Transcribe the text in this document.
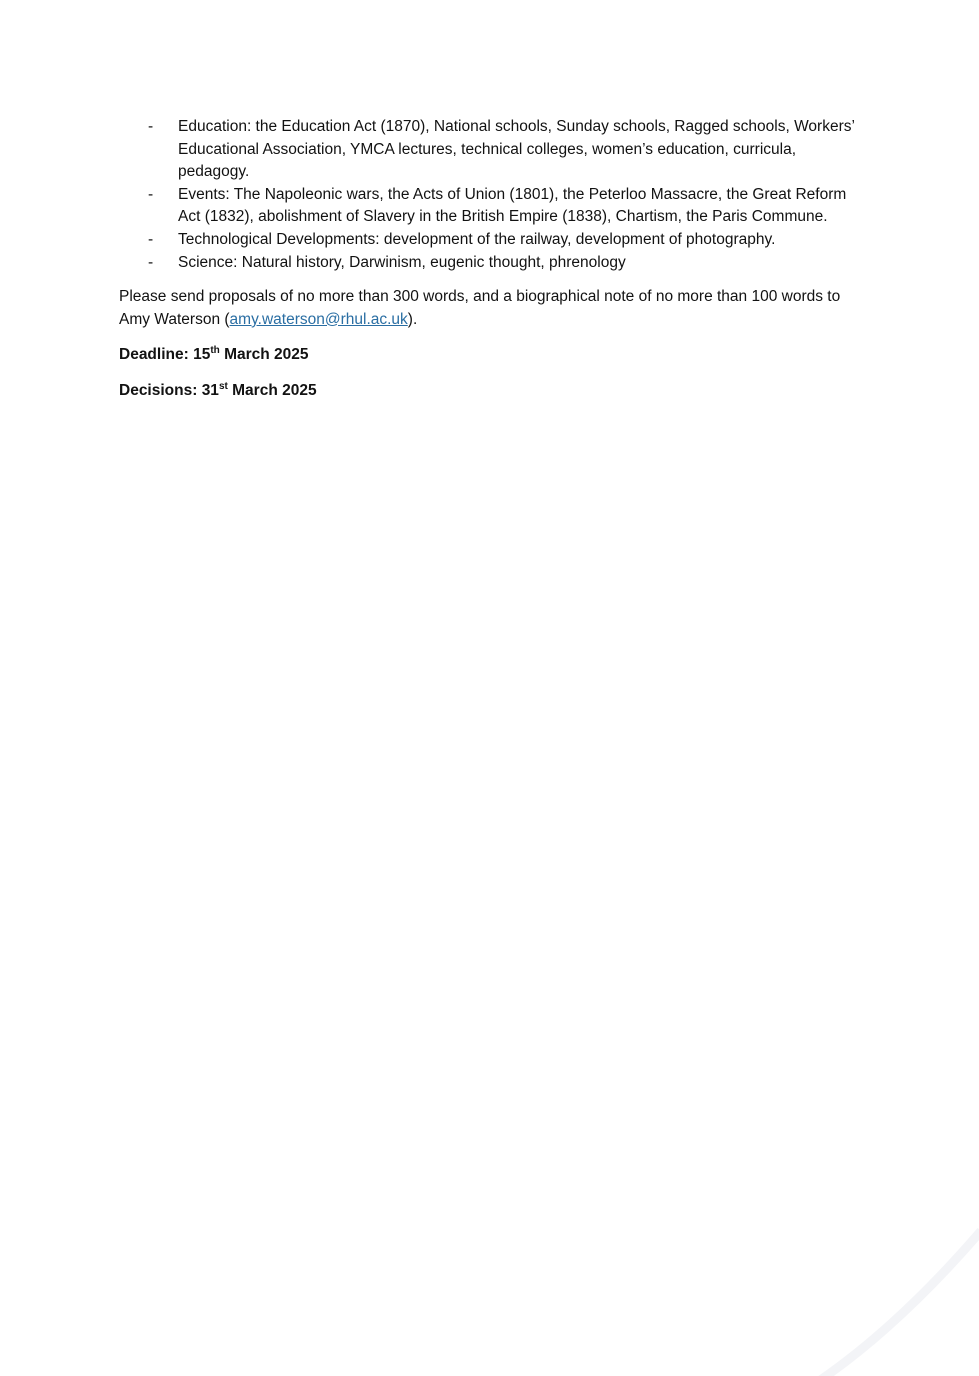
-	Education: the Education Act (1870), National schools, Sunday schools, Ragged schools, Workers’ Educational Association, YMCA lectures, technical colleges, women’s education, curricula, pedagogy.
-	Events: The Napoleonic wars, the Acts of Union (1801), the Peterloo Massacre, the Great Reform Act (1832), abolishment of Slavery in the British Empire (1838), Chartism, the Paris Commune.
-	Technological Developments: development of the railway, development of photography.
-	Science: Natural history, Darwinism, eugenic thought, phrenology

Please send proposals of no more than 300 words, and a biographical note of no more than 100 words to Amy Waterson (amy.waterson@rhul.ac.uk).

Deadline: 15th March 2025

Decisions: 31st March 2025
